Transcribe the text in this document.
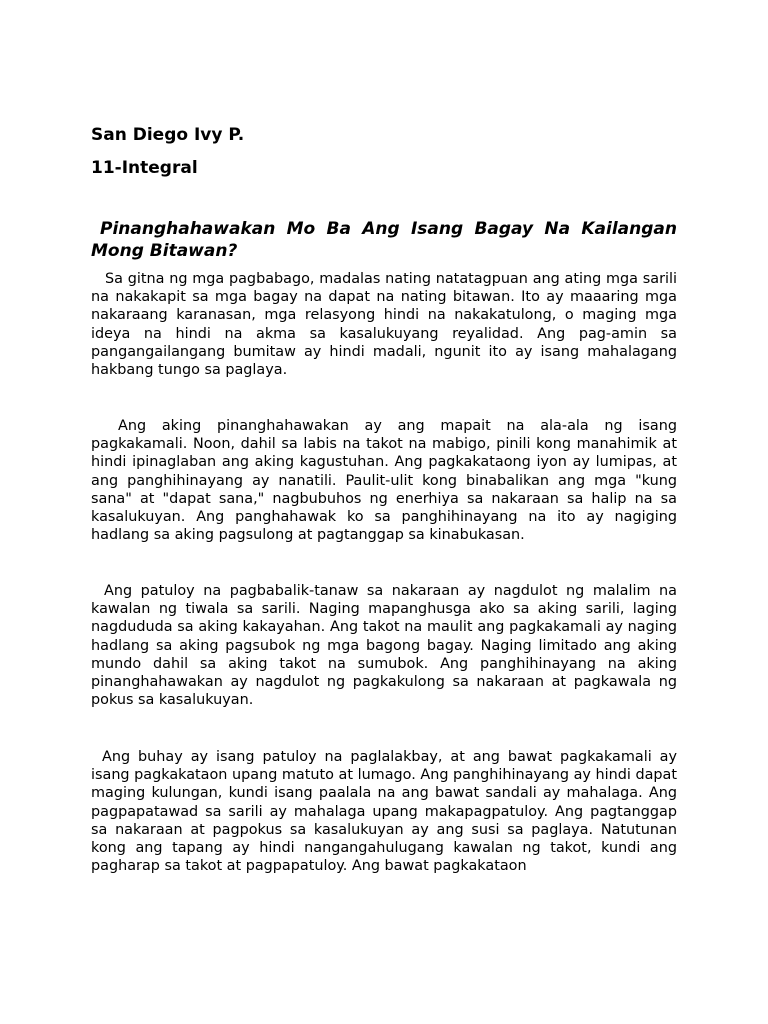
San Diego Ivy P.

11-Integral

Pinanghahawakan Mo Ba Ang Isang Bagay Na Kailangan Mong Bitawan?

Sa gitna ng mga pagbabago, madalas nating natatagpuan ang ating mga sarili na nakakapit sa mga bagay na dapat na nating bitawan. Ito ay maaaring mga nakaraang karanasan, mga relasyong hindi na nakakatulong, o maging mga ideya na hindi na akma sa kasalukuyang reyalidad. Ang pag-amin sa pangangailangang bumitaw ay hindi madali, ngunit ito ay isang mahalagang hakbang tungo sa paglaya.

Ang aking pinanghahawakan ay ang mapait na ala-ala ng isang pagkakamali. Noon, dahil sa labis na takot na mabigo, pinili kong manahimik at hindi ipinaglaban ang aking kagustuhan. Ang pagkakataong iyon ay lumipas, at ang panghihinayang ay nanatili. Paulit-ulit kong binabalikan ang mga "kung sana" at "dapat sana," nagbubuhos ng enerhiya sa nakaraan sa halip na sa kasalukuyan. Ang panghahawak ko sa panghihinayang na ito ay nagiging hadlang sa aking pagsulong at pagtanggap sa kinabukasan.

Ang patuloy na pagbabalik-tanaw sa nakaraan ay nagdulot ng malalim na kawalan ng tiwala sa sarili. Naging mapanghusga ako sa aking sarili, laging nagdududa sa aking kakayahan. Ang takot na maulit ang pagkakamali ay naging hadlang sa aking pagsubok ng mga bagong bagay. Naging limitado ang aking mundo dahil sa aking takot na sumubok. Ang panghihinayang na aking pinanghahawakan ay nagdulot ng pagkakulong sa nakaraan at pagkawala ng pokus sa kasalukuyan.

Ang buhay ay isang patuloy na paglalakbay, at ang bawat pagkakamali ay isang pagkakataon upang matuto at lumago. Ang panghihinayang ay hindi dapat maging kulungan, kundi isang paalala na ang bawat sandali ay mahalaga. Ang pagpapatawad sa sarili ay mahalaga upang makapagpatuloy. Ang pagtanggap sa nakaraan at pagpokus sa kasalukuyan ay ang susi sa paglaya. Natutunan kong ang tapang ay hindi nangangahulugang kawalan ng takot, kundi ang pagharap sa takot at pagpapatuloy. Ang bawat pagkakataon
